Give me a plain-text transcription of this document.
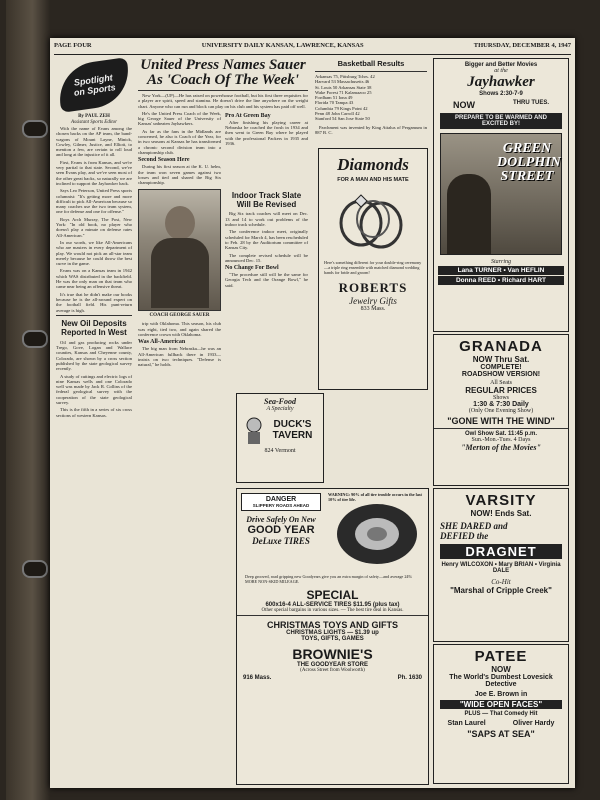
PAGE FOUR	UNIVERSITY DAILY KANSAN, LAWRENCE, KANSAS	THURSDAY, DECEMBER 4, 1947
Spotlight on Sports
By PAUL ZEH
Assistant Sports Editor

With the name of Evans among the chosen backs on the AP team, the band-wagons of Mount Layne, Minick, Cowley, Gilmer, Justice, and Elliott, to mention a few, are certain to roll loud and long at the injustice of it all.

First, Evans is from Kansas, and we're very partial to that state. Second, we've seen Evans play, and we've seen most of the other great backs, so naturally we are inclined to support the Jayhawker back.

Says Leo Peterson, United Press sports columnist: "It's getting more and more difficult to pick All-American because so many coaches use the two team system, one for defense and one for offense."

Boys Arch Murray, The Post, New York: "In old book, no player who doesn't play a minute on defense rates All-American."

In our words, we like All-Americans who are masters in every department of play. We would not pick an all-star team merely because he could throw the best curve in the game.

Evans was on a Kansas team in 1942 which WAS distributed in the backfield. He was the only man on that team who came near being an offensive threat.

It's true that he didn't make our books because he is the all-around expert on the football field. His punt-return average is high.

New Oil Deposits Reported In West

Oil and gas producing rocks under Trego, Gove, Logan and Wallace counties, Kansas and Cheyenne county, Colorado, are shown by a cross section published by the state geological survey recently.

A study of cuttings and electric logs of nine Kansas wells and one Colorado well was made by Jack R. Collins of the federal geological survey with the cooperation of the state geological survey.

This is the fifth in a series of six cross sections of western Kansas.

United Press Names Sauer As 'Coach Of The Week'

New York—(UP)—He has raised on powerhouse football, but his first three requisites for a player are spirit, speed and stamina. He doesn't drive the line anywhere on the weight chart. Anyone who can run and block can play on his club and his system has paid off well.

He's the United Press Coach of the Week, big George Sauer of the University of Kansas' unbeaten Jayhawkers.

As far as the fans in the Midlands are concerned, he also is Coach of the Year, for in two seasons at Kansas he has transformed a chronic second division team into a championship club.

Second Season Here

During his first season at the K. U. helm, the team won seven games against two losses and tied and shared the Big Six championship.

Pro At Green Bay

After finishing his playing career at Nebraska he coached the frosh in 1934 and then went to Green Bay where he played with the professional Packers in 1935 and 1936.

COACH GEORGE SAUER

trip with Oklahoma. This season, his club was eight, tied two, and again shared the conference crown with Oklahoma.

Was All-American

The big man from Nebraska—he was an All-American fullback there in 1933—insists on two techniques. "Defense is natural," he holds.

Indoor Track Slate Will Be Revised

Big Six track coaches will meet on Dec. 13 and 14 to work out problems of the indoor track schedule.

The conference indoor meet, originally scheduled for March 4, has been rescheduled to Feb. 28 by the Auditorium committee of Kansas City.

The complete revised schedule will be announced Dec. 15.

No Change For Bowl

"The procedure still will be the same for Georgia Tech and the Orange Bowl," he said.

Basketball Results
Arkansas 75, Pittsburg Tchrs. 42
Harvard 53 Massachusetts 46
St. Louis 50 Arkansas State 38
Wake Forest 71 Kalamazoo 25
Fordham 51 Iona 49
Florida 70 Tampa 43
Columbia 79 Kings Point 42
Penn 48 John Carroll 42
Stanford 54 San Jose State 50

Parchment was invented by King Attalus of Pergamum in 887 B. C.

Diamonds
FOR A MAN AND HIS MATE
Here's something different for your double-ring ceremony—a triple ring ensemble with matched diamond wedding bands for bride and groom!
ROBERTS
Jewelry Gifts
833 Mass.
Sea-Food
A Specialty
DUCK'S TAVERN
824 Vermont
DANGER
SLIPPERY ROADS AHEAD
Drive Safely On New
GOOD YEAR
DeLuxe TIRES
WARNING: 90% of all tire trouble occurs in the last 10% of tire life.
Deep grooved, road gripping new Goodyears give you an extra margin of safety—and average 24% MORE NON-SKID MILEAGE.
SPECIAL
600x16-4 ALL-SERVICE TIRES $11.95 (plus tax)
Other special bargains in various sizes. — The best tire deal in Kansas.
CHRISTMAS TOYS AND GIFTS
CHRISTMAS LIGHTS — $1.39 up
TOYS, GIFTS, GAMES
BROWNIE'S
THE GOODYEAR STORE
(Across Street from Woolworth)
916 Mass.	Ph. 1630
Bigger and Better Movies
at the
Jayhawker
Shows 2:30-7-9
NOW	THRU TUES.
PREPARE TO BE WARMED AND EXCITED BY!
GREEN DOLPHIN STREET
Starring
Lana TURNER • Van HEFLIN
Donna REED • Richard HART
GRANADA
NOW Thru Sat.
COMPLETE!
ROADSHOW VERSION!
All Seats
REGULAR PRICES
Shows
1:30 & 7:30 Daily
(Only One Evening Show)
"GONE WITH THE WIND"
Owl Show Sat. 11:45 p.m.
Sun.-Mon.-Tues. 4 Days
"Merton of the Movies"
VARSITY
NOW! Ends Sat.
SHE DARED and DEFIED the
DRAGNET
Henry WILCOXON • Mary BRIAN • Virginia DALE
Co-Hit
"Marshal of Cripple Creek"
PATEE
NOW
The World's Dumbest Lovesick Detective
Joe E. Brown in
"WIDE OPEN FACES"
PLUS — That Comedy Hit
Stan Laurel	Oliver Hardy
"SAPS AT SEA"
